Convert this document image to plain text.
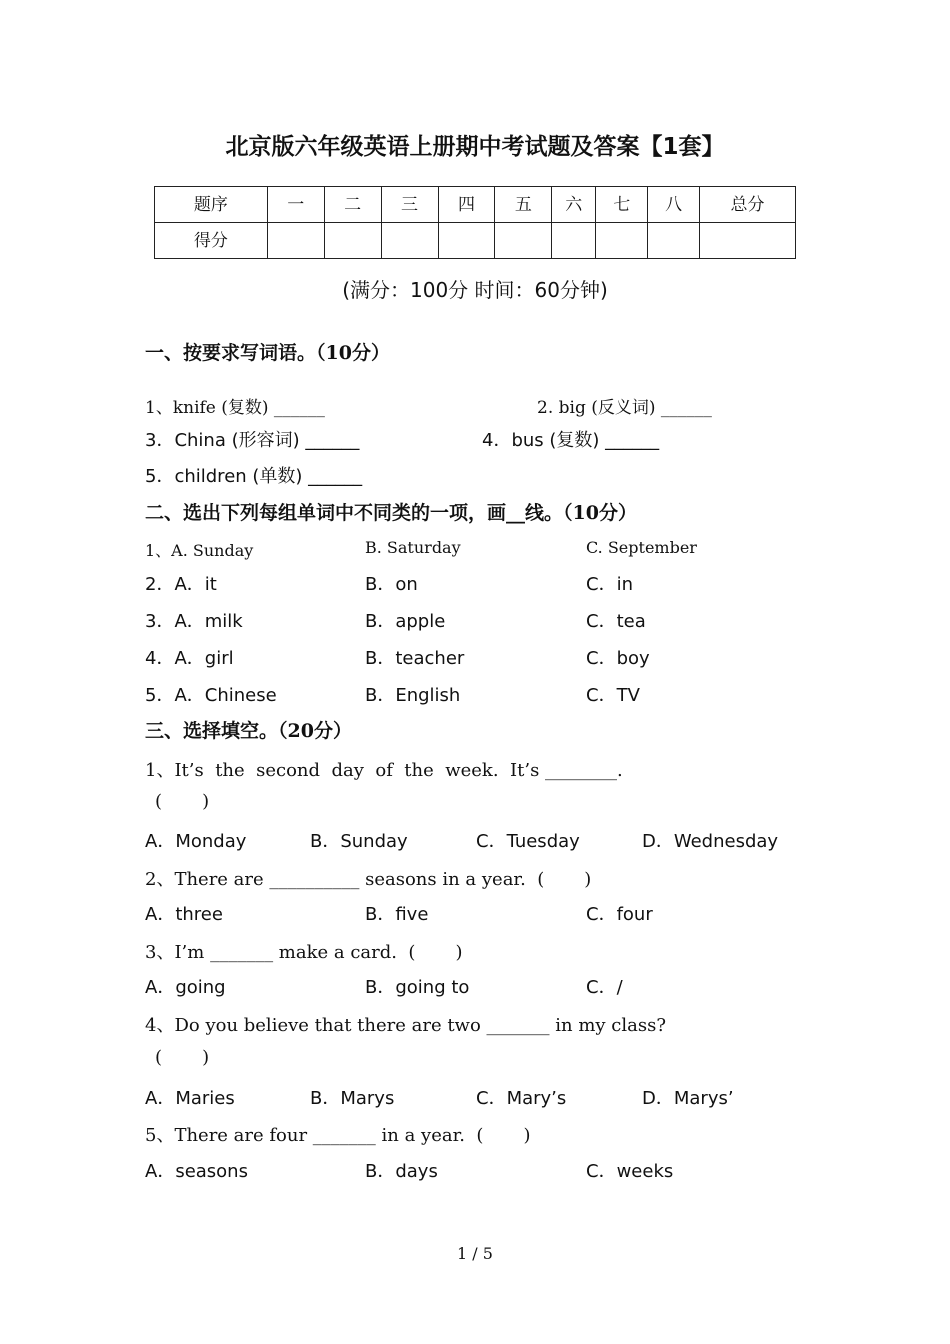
北京版六年级英语上册期中考试题及答案【1套】
题序	一	二	三	四	五	六	七	八	总分
得分									
(满分：100分 时间：60分钟)
一、按要求写词语。（10分）
1、knife (复数) ______	2. big (反义词) ______
3．China (形容词) ______	4．bus (复数) ______
5．children (单数) ______
二、选出下列每组单词中不同类的一项，画__线。（10分）
1、A. Sunday	B. Saturday	C. September
2．A．it	B．on	C．in
3．A．milk	B．apple	C．tea
4．A．girl	B．teacher	C．boy
5．A．Chinese	B．English	C．TV
三、选择填空。（20分）
1、It’s  the  second  day  of  the  week.  It’s ________.
(       )
A．Monday	B．Sunday	C．Tuesday	D．Wednesday
2、There are __________ seasons in a year.  (       )
A．three	B．five	C．four
3、I’m _______ make a card.  (       )
A．going	B．going to	C．/
4、Do you believe that there are two _______ in my class?
(       )
A．Maries	B．Marys	C．Mary’s	D．Marys’
5、There are four _______ in a year.  (       )
A．seasons	B．days	C．weeks
1 / 5
